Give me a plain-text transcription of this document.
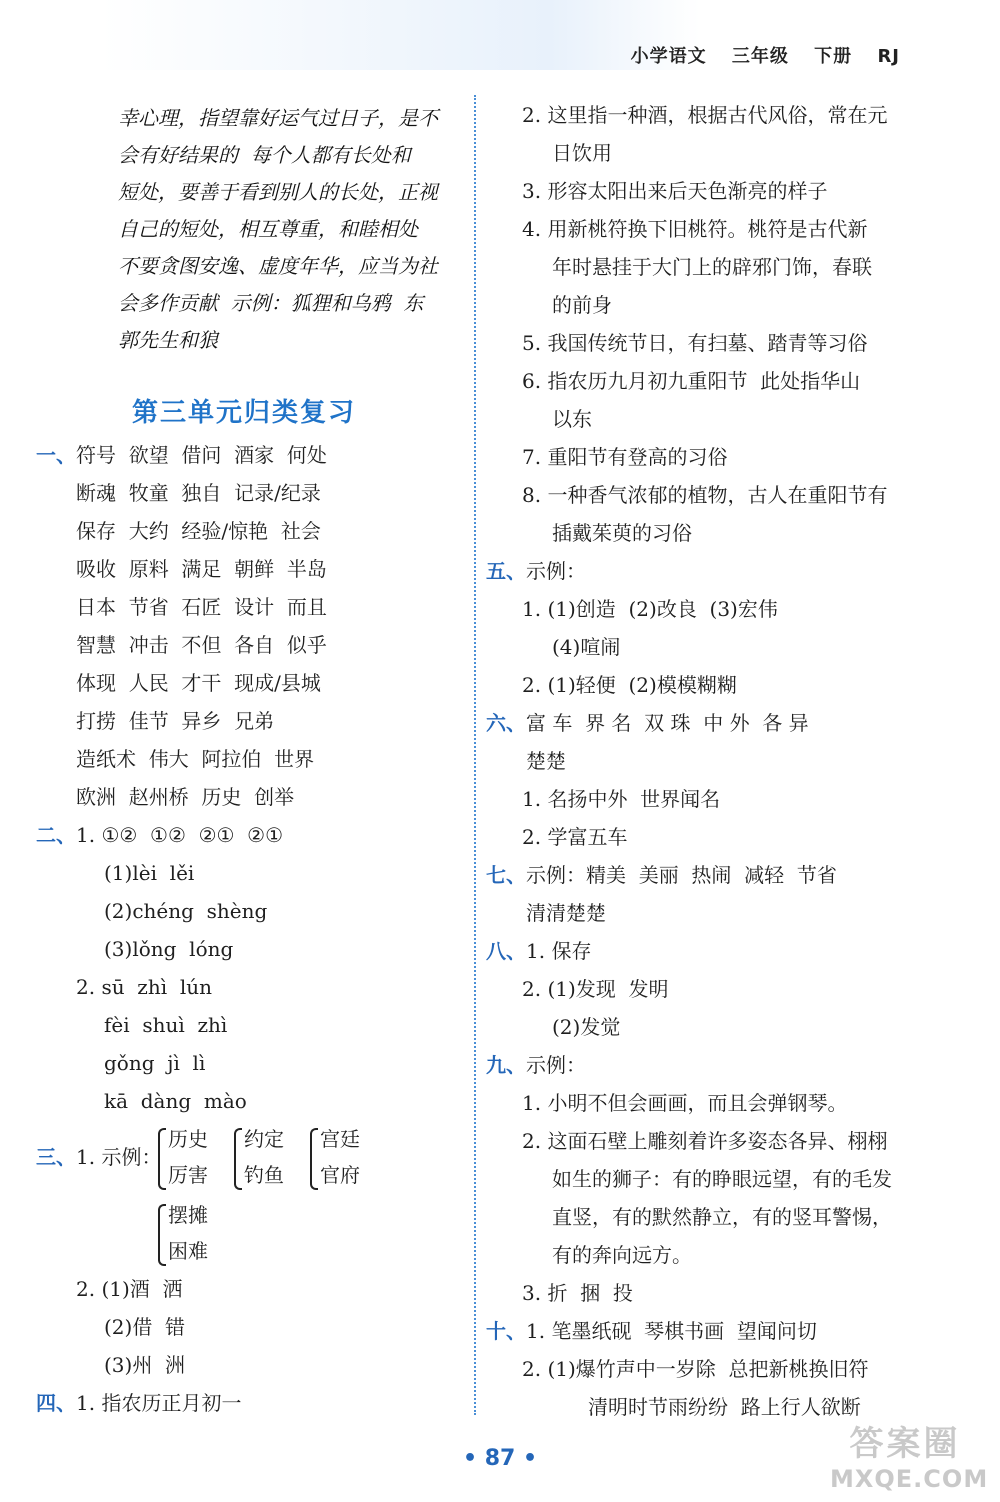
小学语文 三年级 下册 RJ
幸心理，指望靠好运气过日子，是不
会有好结果的  每个人都有长处和
短处，要善于看到别人的长处，正视
自己的短处，相互尊重，和睦相处
不要贪图安逸、虚度年华，应当为社
会多作贡献  示例：狐狸和乌鸦  东
郭先生和狼
第三单元归类复习
一、 符号  欲望  借问  酒家  何处
断魂  牧童  独自  记录/纪录
保存  大约  经验/惊艳  社会
吸收  原料  满足  朝鲜  半岛
日本  节省  石匠  设计  而且
智慧  冲击  不但  各自  似乎
体现  人民  才干  现成/县城
打捞  佳节  异乡  兄弟
造纸术  伟大  阿拉伯  世界
欧洲  赵州桥  历史  创举
二、 1. ①②  ①②  ②①  ②①
(1)lèi  lěi
(2)chéng  shèng
(3)lǒng  lóng
2. sū  zhì  lún
fèi  shuì  zhì
gǒng  jì  lì
kā  dàng  mào
三、 1. 示例：
历史
厉害
约定
钓鱼
宫廷
官府
摆摊
困难
2. (1)酒  洒
(2)借  错
(3)州  洲
四、 1. 指农历正月初一
2. 这里指一种酒，根据古代风俗，常在元
日饮用
3. 形容太阳出来后天色渐亮的样子
4. 用新桃符换下旧桃符。桃符是古代新
年时悬挂于大门上的辟邪门饰，春联
的前身
5. 我国传统节日，有扫墓、踏青等习俗
6. 指农历九月初九重阳节  此处指华山
以东
7. 重阳节有登高的习俗
8. 一种香气浓郁的植物，古人在重阳节有
插戴茱萸的习俗
五、 示例：
1. (1)创造  (2)改良  (3)宏伟
(4)喧闹
2. (1)轻便  (2)模模糊糊
六、 富 车  界 名  双 珠  中 外  各 异
楚楚
1. 名扬中外  世界闻名
2. 学富五车
七、 示例：精美  美丽  热闹  减轻  节省
清清楚楚
八、 1. 保存
2. (1)发现  发明
(2)发觉
九、 示例：
1. 小明不但会画画，而且会弹钢琴。
2. 这面石壁上雕刻着许多姿态各异、栩栩
如生的狮子：有的睁眼远望，有的毛发
直竖，有的默然静立，有的竖耳警惕，
有的奔向远方。
3. 折  捆  投
十、 1. 笔墨纸砚  琴棋书画  望闻问切
2. (1)爆竹声中一岁除  总把新桃换旧符
清明时节雨纷纷  路上行人欲断
• 87 •	答案圈
MXQE.COM
